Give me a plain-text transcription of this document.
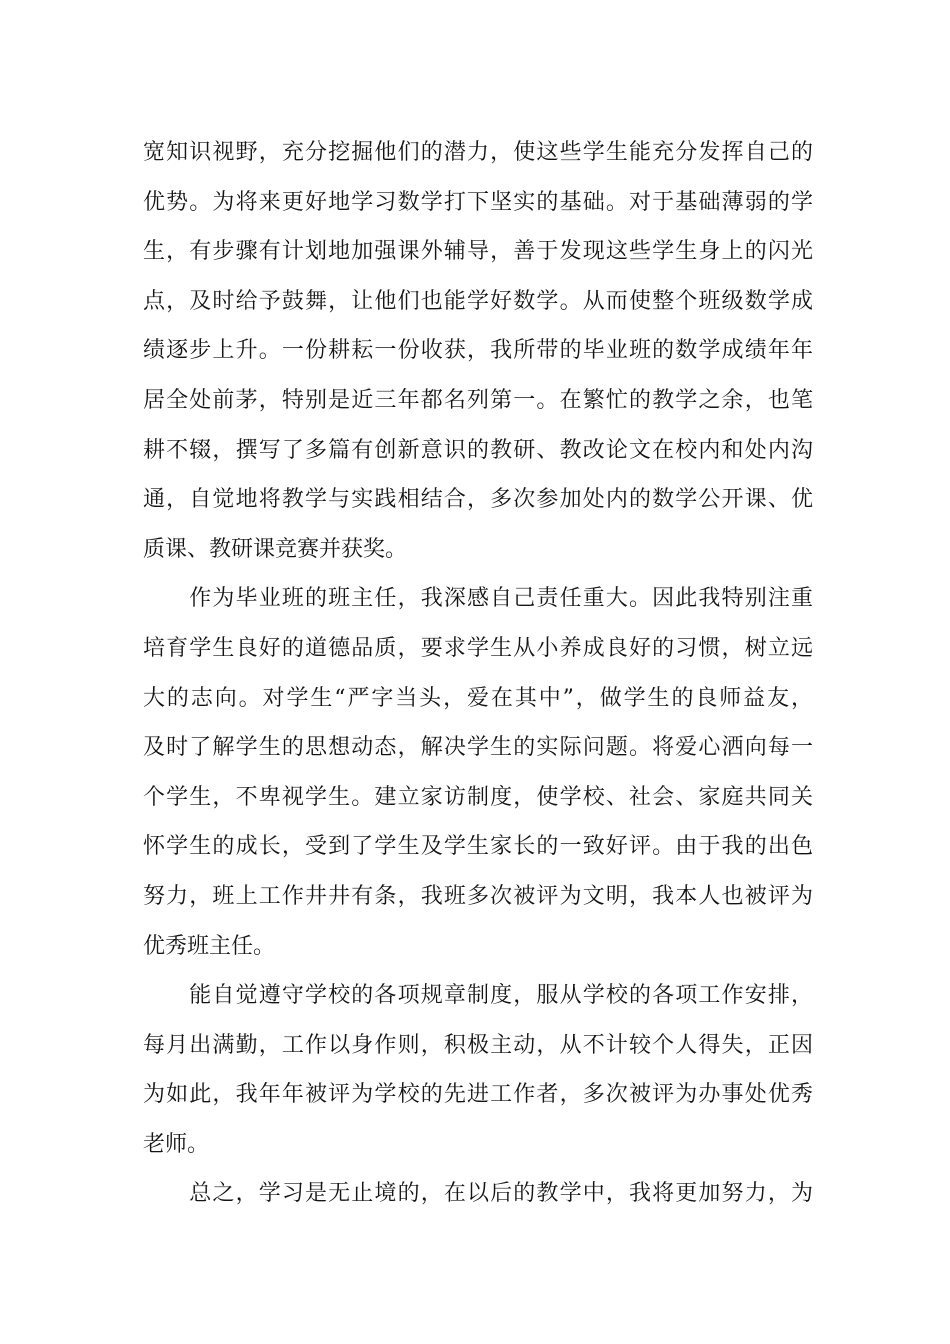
宽知识视野，充分挖掘他们的潜力，使这些学生能充分发挥自己的
优势。为将来更好地学习数学打下坚实的基础。对于基础薄弱的学
生，有步骤有计划地加强课外辅导，善于发现这些学生身上的闪光
点，及时给予鼓舞，让他们也能学好数学。从而使整个班级数学成
绩逐步上升。一份耕耘一份收获，我所带的毕业班的数学成绩年年
居全处前茅，特别是近三年都名列第一。在繁忙的教学之余，也笔
耕不辍，撰写了多篇有创新意识的教研、教改论文在校内和处内沟
通，自觉地将教学与实践相结合，多次参加处内的数学公开课、优
质课、教研课竞赛并获奖。
　　作为毕业班的班主任，我深感自己责任重大。因此我特别注重
培育学生良好的道德品质，要求学生从小养成良好的习惯，树立远
大的志向。对学生“严字当头，爱在其中”，做学生的良师益友，
及时了解学生的思想动态，解决学生的实际问题。将爱心洒向每一
个学生，不卑视学生。建立家访制度，使学校、社会、家庭共同关
怀学生的成长，受到了学生及学生家长的一致好评。由于我的出色
努力，班上工作井井有条，我班多次被评为文明，我本人也被评为
优秀班主任。
　　能自觉遵守学校的各项规章制度，服从学校的各项工作安排，
每月出满勤，工作以身作则，积极主动，从不计较个人得失，正因
为如此，我年年被评为学校的先进工作者，多次被评为办事处优秀
老师。
　　总之，学习是无止境的，在以后的教学中，我将更加努力，为
